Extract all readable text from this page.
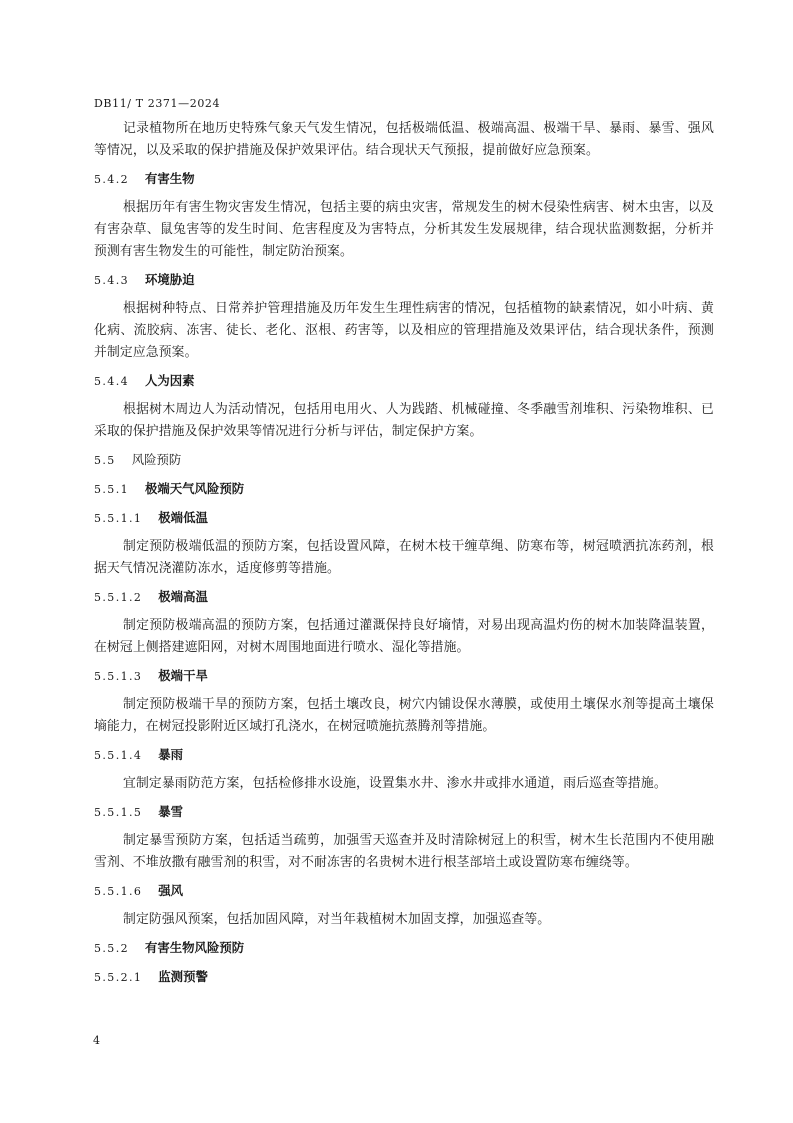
DB11/ T 2371—2024

记录植物所在地历史特殊气象天气发生情况，包括极端低温、极端高温、极端干旱、暴雨、暴雪、强风等情况，以及采取的保护措施及保护效果评估。结合现状天气预报，提前做好应急预案。

5.4.2 有害生物

根据历年有害生物灾害发生情况，包括主要的病虫灾害，常规发生的树木侵染性病害、树木虫害，以及有害杂草、鼠兔害等的发生时间、危害程度及为害特点，分析其发生发展规律，结合现状监测数据，分析并预测有害生物发生的可能性，制定防治预案。

5.4.3 环境胁迫

根据树种特点、日常养护管理措施及历年发生生理性病害的情况，包括植物的缺素情况，如小叶病、黄化病、流胶病、冻害、徒长、老化、沤根、药害等，以及相应的管理措施及效果评估，结合现状条件，预测并制定应急预案。

5.4.4 人为因素

根据树木周边人为活动情况，包括用电用火、人为践踏、机械碰撞、冬季融雪剂堆积、污染物堆积、已采取的保护措施及保护效果等情况进行分析与评估，制定保护方案。

5.5 风险预防
5.5.1 极端天气风险预防
5.5.1.1 极端低温

制定预防极端低温的预防方案，包括设置风障，在树木枝干缠草绳、防寒布等，树冠喷洒抗冻药剂，根据天气情况浇灌防冻水，适度修剪等措施。

5.5.1.2 极端高温

制定预防极端高温的预防方案，包括通过灌溉保持良好墒情，对易出现高温灼伤的树木加装降温装置，在树冠上侧搭建遮阳网，对树木周围地面进行喷水、湿化等措施。

5.5.1.3 极端干旱

制定预防极端干旱的预防方案，包括土壤改良，树穴内铺设保水薄膜，或使用土壤保水剂等提高土壤保墒能力，在树冠投影附近区域打孔浇水，在树冠喷施抗蒸腾剂等措施。

5.5.1.4 暴雨

宜制定暴雨防范方案，包括检修排水设施，设置集水井、渗水井或排水通道，雨后巡查等措施。

5.5.1.5 暴雪

制定暴雪预防方案，包括适当疏剪，加强雪天巡查并及时清除树冠上的积雪，树木生长范围内不使用融雪剂、不堆放撒有融雪剂的积雪，对不耐冻害的名贵树木进行根茎部培土或设置防寒布缠绕等。

5.5.1.6 强风

制定防强风预案，包括加固风障，对当年栽植树木加固支撑，加强巡查等。

5.5.2 有害生物风险预防
5.5.2.1 监测预警
4
